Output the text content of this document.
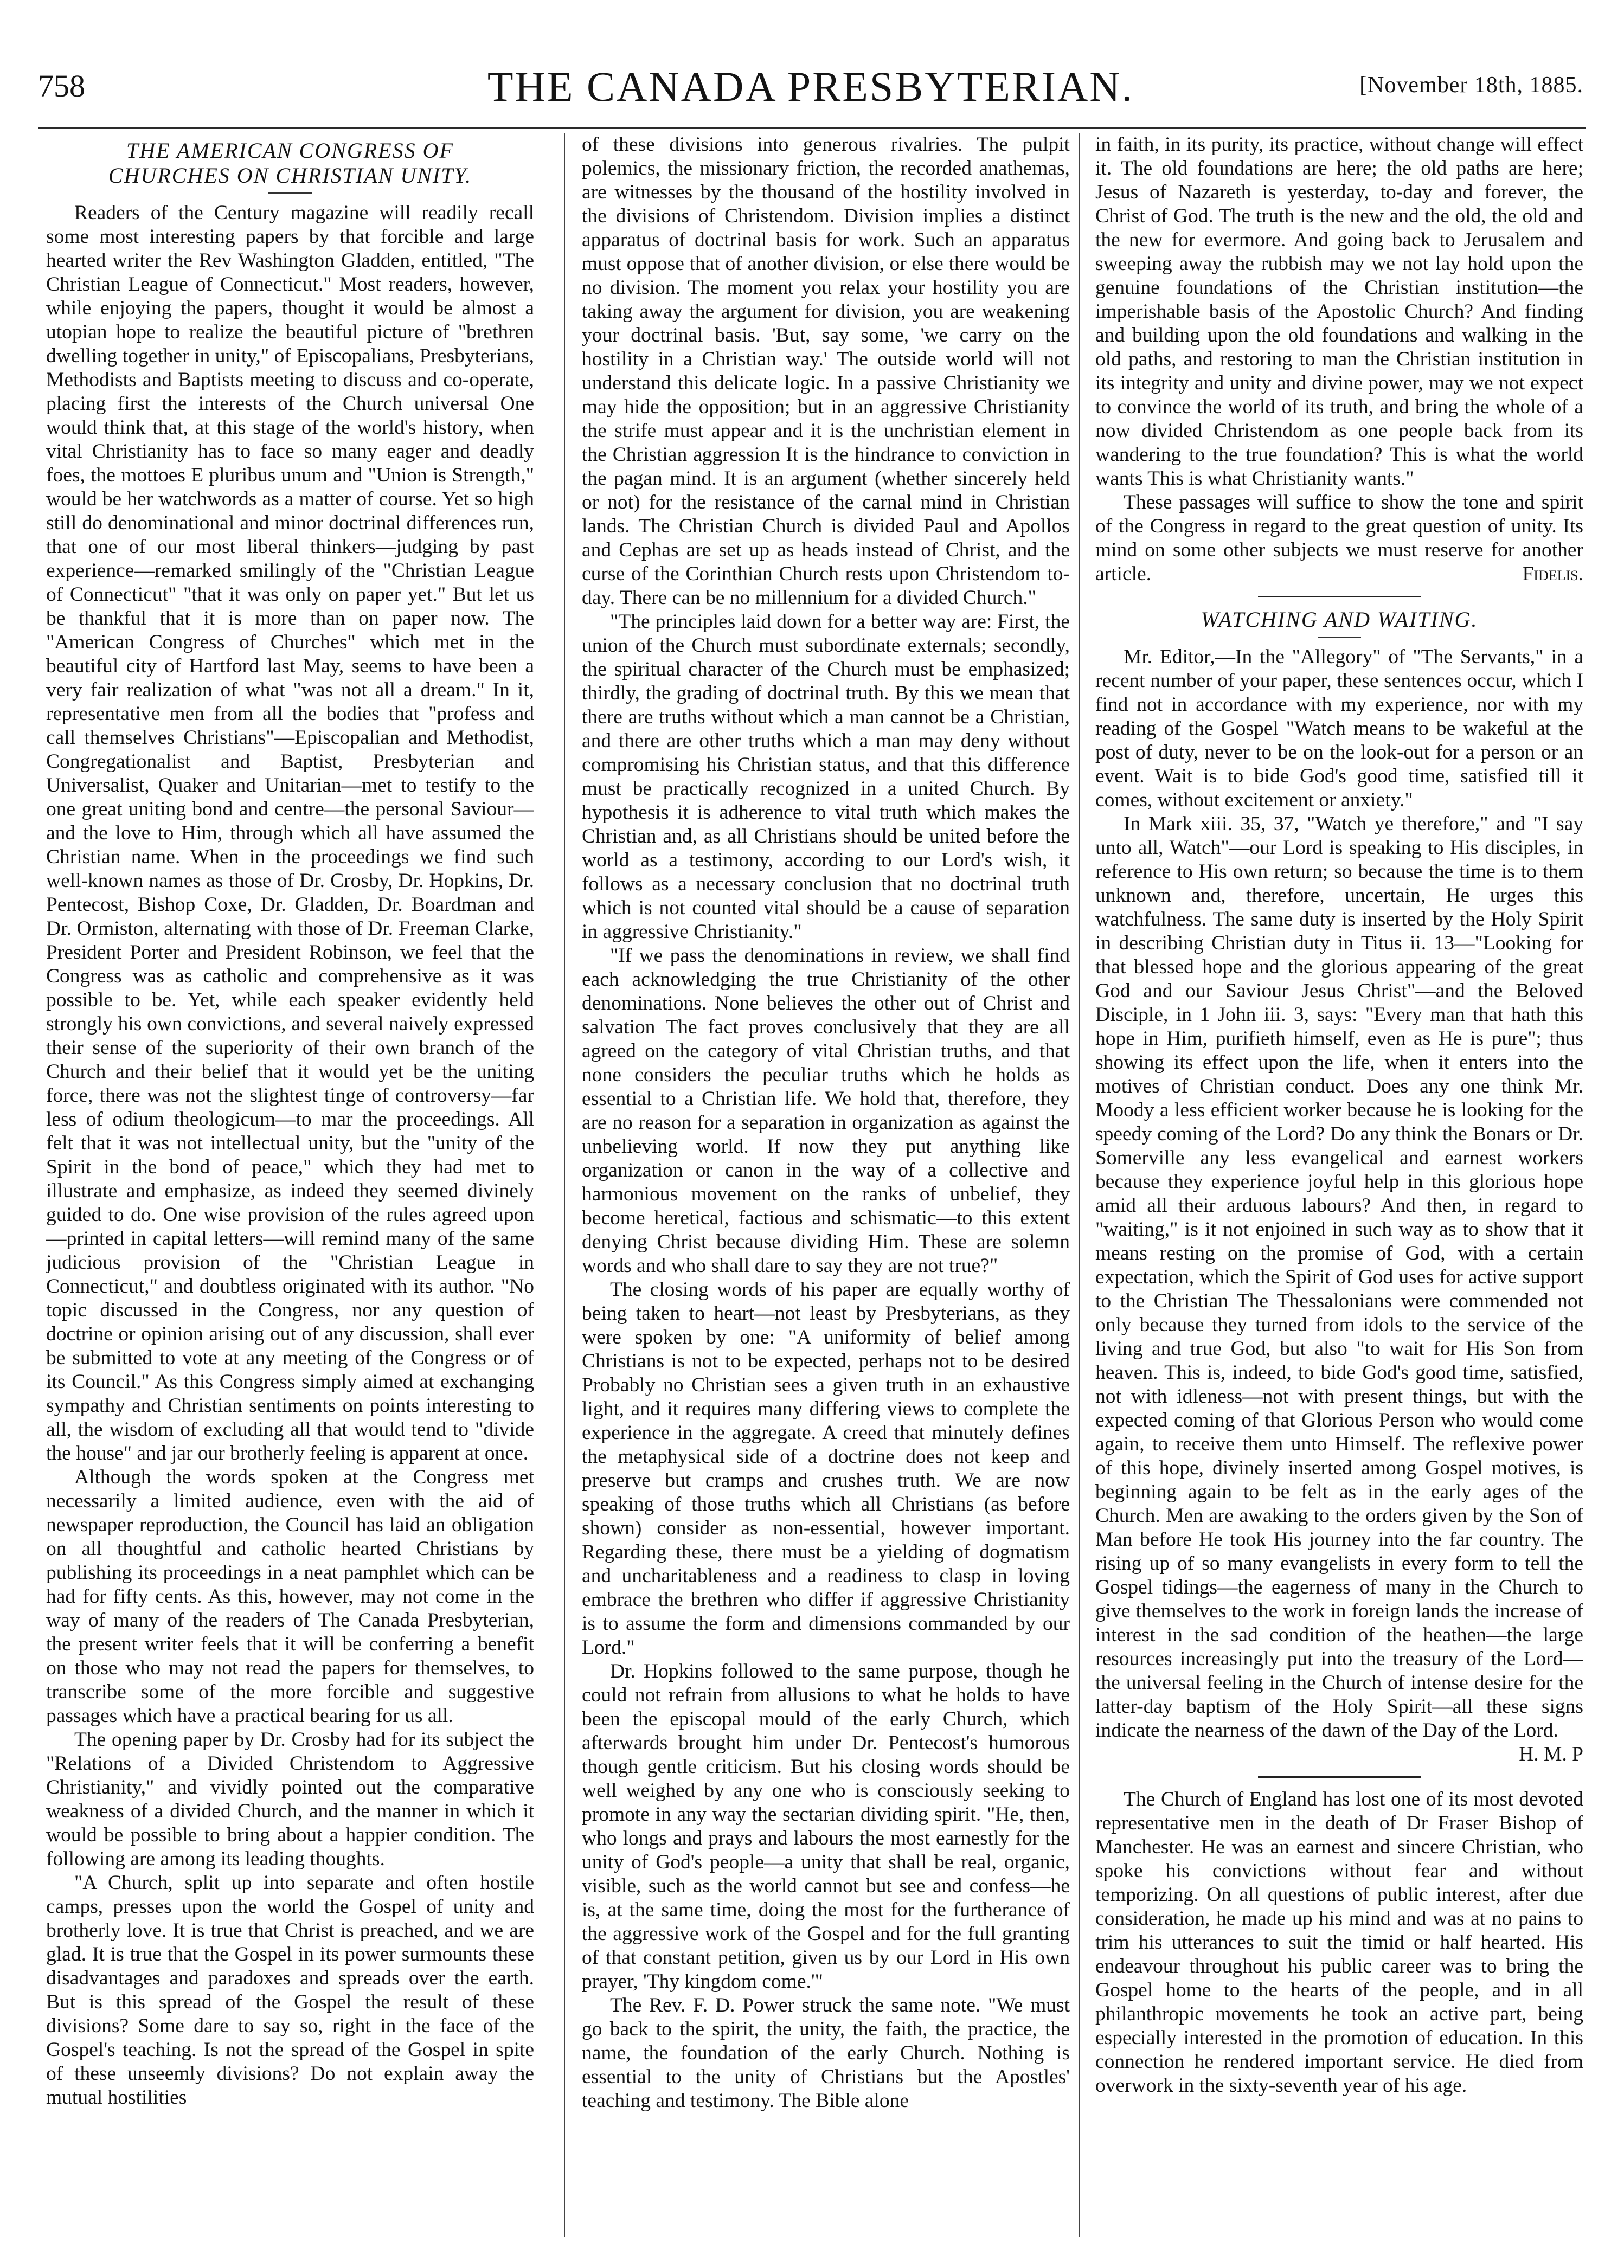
758	THE CANADA PRESBYTERIAN.	[November 18th, 1885.
THE AMERICAN CONGRESS OF
CHURCHES ON CHRISTIAN UNITY.

Readers of the Century magazine will readily recall some most interesting papers by that forcible and large hearted writer the Rev Washington Gladden, entitled, "The Christian League of Connecticut." Most readers, however, while enjoying the papers, thought it would be almost a utopian hope to realize the beautiful picture of "brethren dwelling together in unity," of Episcopalians, Presbyterians, Methodists and Baptists meeting to discuss and co-operate, placing first the interests of the Church universal One would think that, at this stage of the world's history, when vital Christianity has to face so many eager and deadly foes, the mottoes E pluribus unum and "Union is Strength," would be her watchwords as a matter of course. Yet so high still do denominational and minor doctrinal differences run, that one of our most liberal thinkers—judging by past experience—remarked smilingly of the "Christian League of Connecticut" "that it was only on paper yet." But let us be thankful that it is more than on paper now. The "American Congress of Churches" which met in the beautiful city of Hartford last May, seems to have been a very fair realization of what "was not all a dream." In it, representative men from all the bodies that "profess and call themselves Christians"—Episcopalian and Methodist, Congregationalist and Baptist, Presbyterian and Universalist, Quaker and Unitarian—met to testify to the one great uniting bond and centre—the personal Saviour—and the love to Him, through which all have assumed the Christian name. When in the proceedings we find such well-known names as those of Dr. Crosby, Dr. Hopkins, Dr. Pentecost, Bishop Coxe, Dr. Gladden, Dr. Boardman and Dr. Ormiston, alternating with those of Dr. Freeman Clarke, President Porter and President Robinson, we feel that the Congress was as catholic and comprehensive as it was possible to be. Yet, while each speaker evidently held strongly his own convictions, and several naively expressed their sense of the superiority of their own branch of the Church and their belief that it would yet be the uniting force, there was not the slightest tinge of controversy—far less of odium theologicum—to mar the proceedings. All felt that it was not intellectual unity, but the "unity of the Spirit in the bond of peace," which they had met to illustrate and emphasize, as indeed they seemed divinely guided to do. One wise provision of the rules agreed upon—printed in capital letters—will remind many of the same judicious provision of the "Christian League in Connecticut," and doubtless originated with its author. "No topic discussed in the Congress, nor any question of doctrine or opinion arising out of any discussion, shall ever be submitted to vote at any meeting of the Congress or of its Council." As this Congress simply aimed at exchanging sympathy and Christian sentiments on points interesting to all, the wisdom of excluding all that would tend to "divide the house" and jar our brotherly feeling is apparent at once.

Although the words spoken at the Congress met necessarily a limited audience, even with the aid of newspaper reproduction, the Council has laid an obligation on all thoughtful and catholic hearted Christians by publishing its proceedings in a neat pamphlet which can be had for fifty cents. As this, however, may not come in the way of many of the readers of The Canada Presbyterian, the present writer feels that it will be conferring a benefit on those who may not read the papers for themselves, to transcribe some of the more forcible and suggestive passages which have a practical bearing for us all.

The opening paper by Dr. Crosby had for its subject the "Relations of a Divided Christendom to Aggressive Christianity," and vividly pointed out the comparative weakness of a divided Church, and the manner in which it would be possible to bring about a happier condition. The following are among its leading thoughts.

"A Church, split up into separate and often hostile camps, presses upon the world the Gospel of unity and brotherly love. It is true that Christ is preached, and we are glad. It is true that the Gospel in its power surmounts these disadvantages and paradoxes and spreads over the earth. But is this spread of the Gospel the result of these divisions? Some dare to say so, right in the face of the Gospel's teaching. Is not the spread of the Gospel in spite of these unseemly divisions? Do not explain away the mutual hostilities

of these divisions into generous rivalries. The pulpit polemics, the missionary friction, the recorded anathemas, are witnesses by the thousand of the hostility involved in the divisions of Christendom. Division implies a distinct apparatus of doctrinal basis for work. Such an apparatus must oppose that of another division, or else there would be no division. The moment you relax your hostility you are taking away the argument for division, you are weakening your doctrinal basis. 'But, say some, 'we carry on the hostility in a Christian way.' The outside world will not understand this delicate logic. In a passive Christianity we may hide the opposition; but in an aggressive Christianity the strife must appear and it is the unchristian element in the Christian aggression It is the hindrance to conviction in the pagan mind. It is an argument (whether sincerely held or not) for the resistance of the carnal mind in Christian lands. The Christian Church is divided Paul and Apollos and Cephas are set up as heads instead of Christ, and the curse of the Corinthian Church rests upon Christendom to-day. There can be no millennium for a divided Church."

"The principles laid down for a better way are: First, the union of the Church must subordinate externals; secondly, the spiritual character of the Church must be emphasized; thirdly, the grading of doctrinal truth. By this we mean that there are truths without which a man cannot be a Christian, and there are other truths which a man may deny without compromising his Christian status, and that this difference must be practically recognized in a united Church. By hypothesis it is adherence to vital truth which makes the Christian and, as all Christians should be united before the world as a testimony, according to our Lord's wish, it follows as a necessary conclusion that no doctrinal truth which is not counted vital should be a cause of separation in aggressive Christianity."

"If we pass the denominations in review, we shall find each acknowledging the true Christianity of the other denominations. None believes the other out of Christ and salvation The fact proves conclusively that they are all agreed on the category of vital Christian truths, and that none considers the peculiar truths which he holds as essential to a Christian life. We hold that, therefore, they are no reason for a separation in organization as against the unbelieving world. If now they put anything like organization or canon in the way of a collective and harmonious movement on the ranks of unbelief, they become heretical, factious and schismatic—to this extent denying Christ because dividing Him. These are solemn words and who shall dare to say they are not true?"

The closing words of his paper are equally worthy of being taken to heart—not least by Presbyterians, as they were spoken by one: "A uniformity of belief among Christians is not to be expected, perhaps not to be desired Probably no Christian sees a given truth in an exhaustive light, and it requires many differing views to complete the experience in the aggregate. A creed that minutely defines the metaphysical side of a doctrine does not keep and preserve but cramps and crushes truth. We are now speaking of those truths which all Christians (as before shown) consider as non-essential, however important. Regarding these, there must be a yielding of dogmatism and uncharitableness and a readiness to clasp in loving embrace the brethren who differ if aggressive Christianity is to assume the form and dimensions commanded by our Lord."

Dr. Hopkins followed to the same purpose, though he could not refrain from allusions to what he holds to have been the episcopal mould of the early Church, which afterwards brought him under Dr. Pentecost's humorous though gentle criticism. But his closing words should be well weighed by any one who is consciously seeking to promote in any way the sectarian dividing spirit. "He, then, who longs and prays and labours the most earnestly for the unity of God's people—a unity that shall be real, organic, visible, such as the world cannot but see and confess—he is, at the same time, doing the most for the furtherance of the aggressive work of the Gospel and for the full granting of that constant petition, given us by our Lord in His own prayer, 'Thy kingdom come.'"

The Rev. F. D. Power struck the same note. "We must go back to the spirit, the unity, the faith, the practice, the name, the foundation of the early Church. Nothing is essential to the unity of Christians but the Apostles' teaching and testimony. The Bible alone

in faith, in its purity, its practice, without change will effect it. The old foundations are here; the old paths are here; Jesus of Nazareth is yesterday, to-day and forever, the Christ of God. The truth is the new and the old, the old and the new for evermore. And going back to Jerusalem and sweeping away the rubbish may we not lay hold upon the genuine foundations of the Christian institution—the imperishable basis of the Apostolic Church? And finding and building upon the old foundations and walking in the old paths, and restoring to man the Christian institution in its integrity and unity and divine power, may we not expect to convince the world of its truth, and bring the whole of a now divided Christendom as one people back from its wandering to the true foundation? This is what the world wants This is what Christianity wants."

These passages will suffice to show the tone and spirit of the Congress in regard to the great question of unity. Its mind on some other subjects we must reserve for another article.	Fidelis.

WATCHING AND WAITING.

Mr. Editor,—In the "Allegory" of "The Servants," in a recent number of your paper, these sentences occur, which I find not in accordance with my experience, nor with my reading of the Gospel "Watch means to be wakeful at the post of duty, never to be on the look-out for a person or an event. Wait is to bide God's good time, satisfied till it comes, without excitement or anxiety."

In Mark xiii. 35, 37, "Watch ye therefore," and "I say unto all, Watch"—our Lord is speaking to His disciples, in reference to His own return; so because the time is to them unknown and, therefore, uncertain, He urges this watchfulness. The same duty is inserted by the Holy Spirit in describing Christian duty in Titus ii. 13—"Looking for that blessed hope and the glorious appearing of the great God and our Saviour Jesus Christ"—and the Beloved Disciple, in 1 John iii. 3, says: "Every man that hath this hope in Him, purifieth himself, even as He is pure"; thus showing its effect upon the life, when it enters into the motives of Christian conduct. Does any one think Mr. Moody a less efficient worker because he is looking for the speedy coming of the Lord? Do any think the Bonars or Dr. Somerville any less evangelical and earnest workers because they experience joyful help in this glorious hope amid all their arduous labours? And then, in regard to "waiting," is it not enjoined in such way as to show that it means resting on the promise of God, with a certain expectation, which the Spirit of God uses for active support to the Christian The Thessalonians were commended not only because they turned from idols to the service of the living and true God, but also "to wait for His Son from heaven. This is, indeed, to bide God's good time, satisfied, not with idleness—not with present things, but with the expected coming of that Glorious Person who would come again, to receive them unto Himself. The reflexive power of this hope, divinely inserted among Gospel motives, is beginning again to be felt as in the early ages of the Church. Men are awaking to the orders given by the Son of Man before He took His journey into the far country. The rising up of so many evangelists in every form to tell the Gospel tidings—the eagerness of many in the Church to give themselves to the work in foreign lands the increase of interest in the sad condition of the heathen—the large resources increasingly put into the treasury of the Lord—the universal feeling in the Church of intense desire for the latter-day baptism of the Holy Spirit—all these signs indicate the nearness of the dawn of the Day of the Lord.
H. M. P

The Church of England has lost one of its most devoted representative men in the death of Dr Fraser Bishop of Manchester. He was an earnest and sincere Christian, who spoke his convictions without fear and without temporizing. On all questions of public interest, after due consideration, he made up his mind and was at no pains to trim his utterances to suit the timid or half hearted. His endeavour throughout his public career was to bring the Gospel home to the hearts of the people, and in all philanthropic movements he took an active part, being especially interested in the promotion of education. In this connection he rendered important service. He died from overwork in the sixty-seventh year of his age.
